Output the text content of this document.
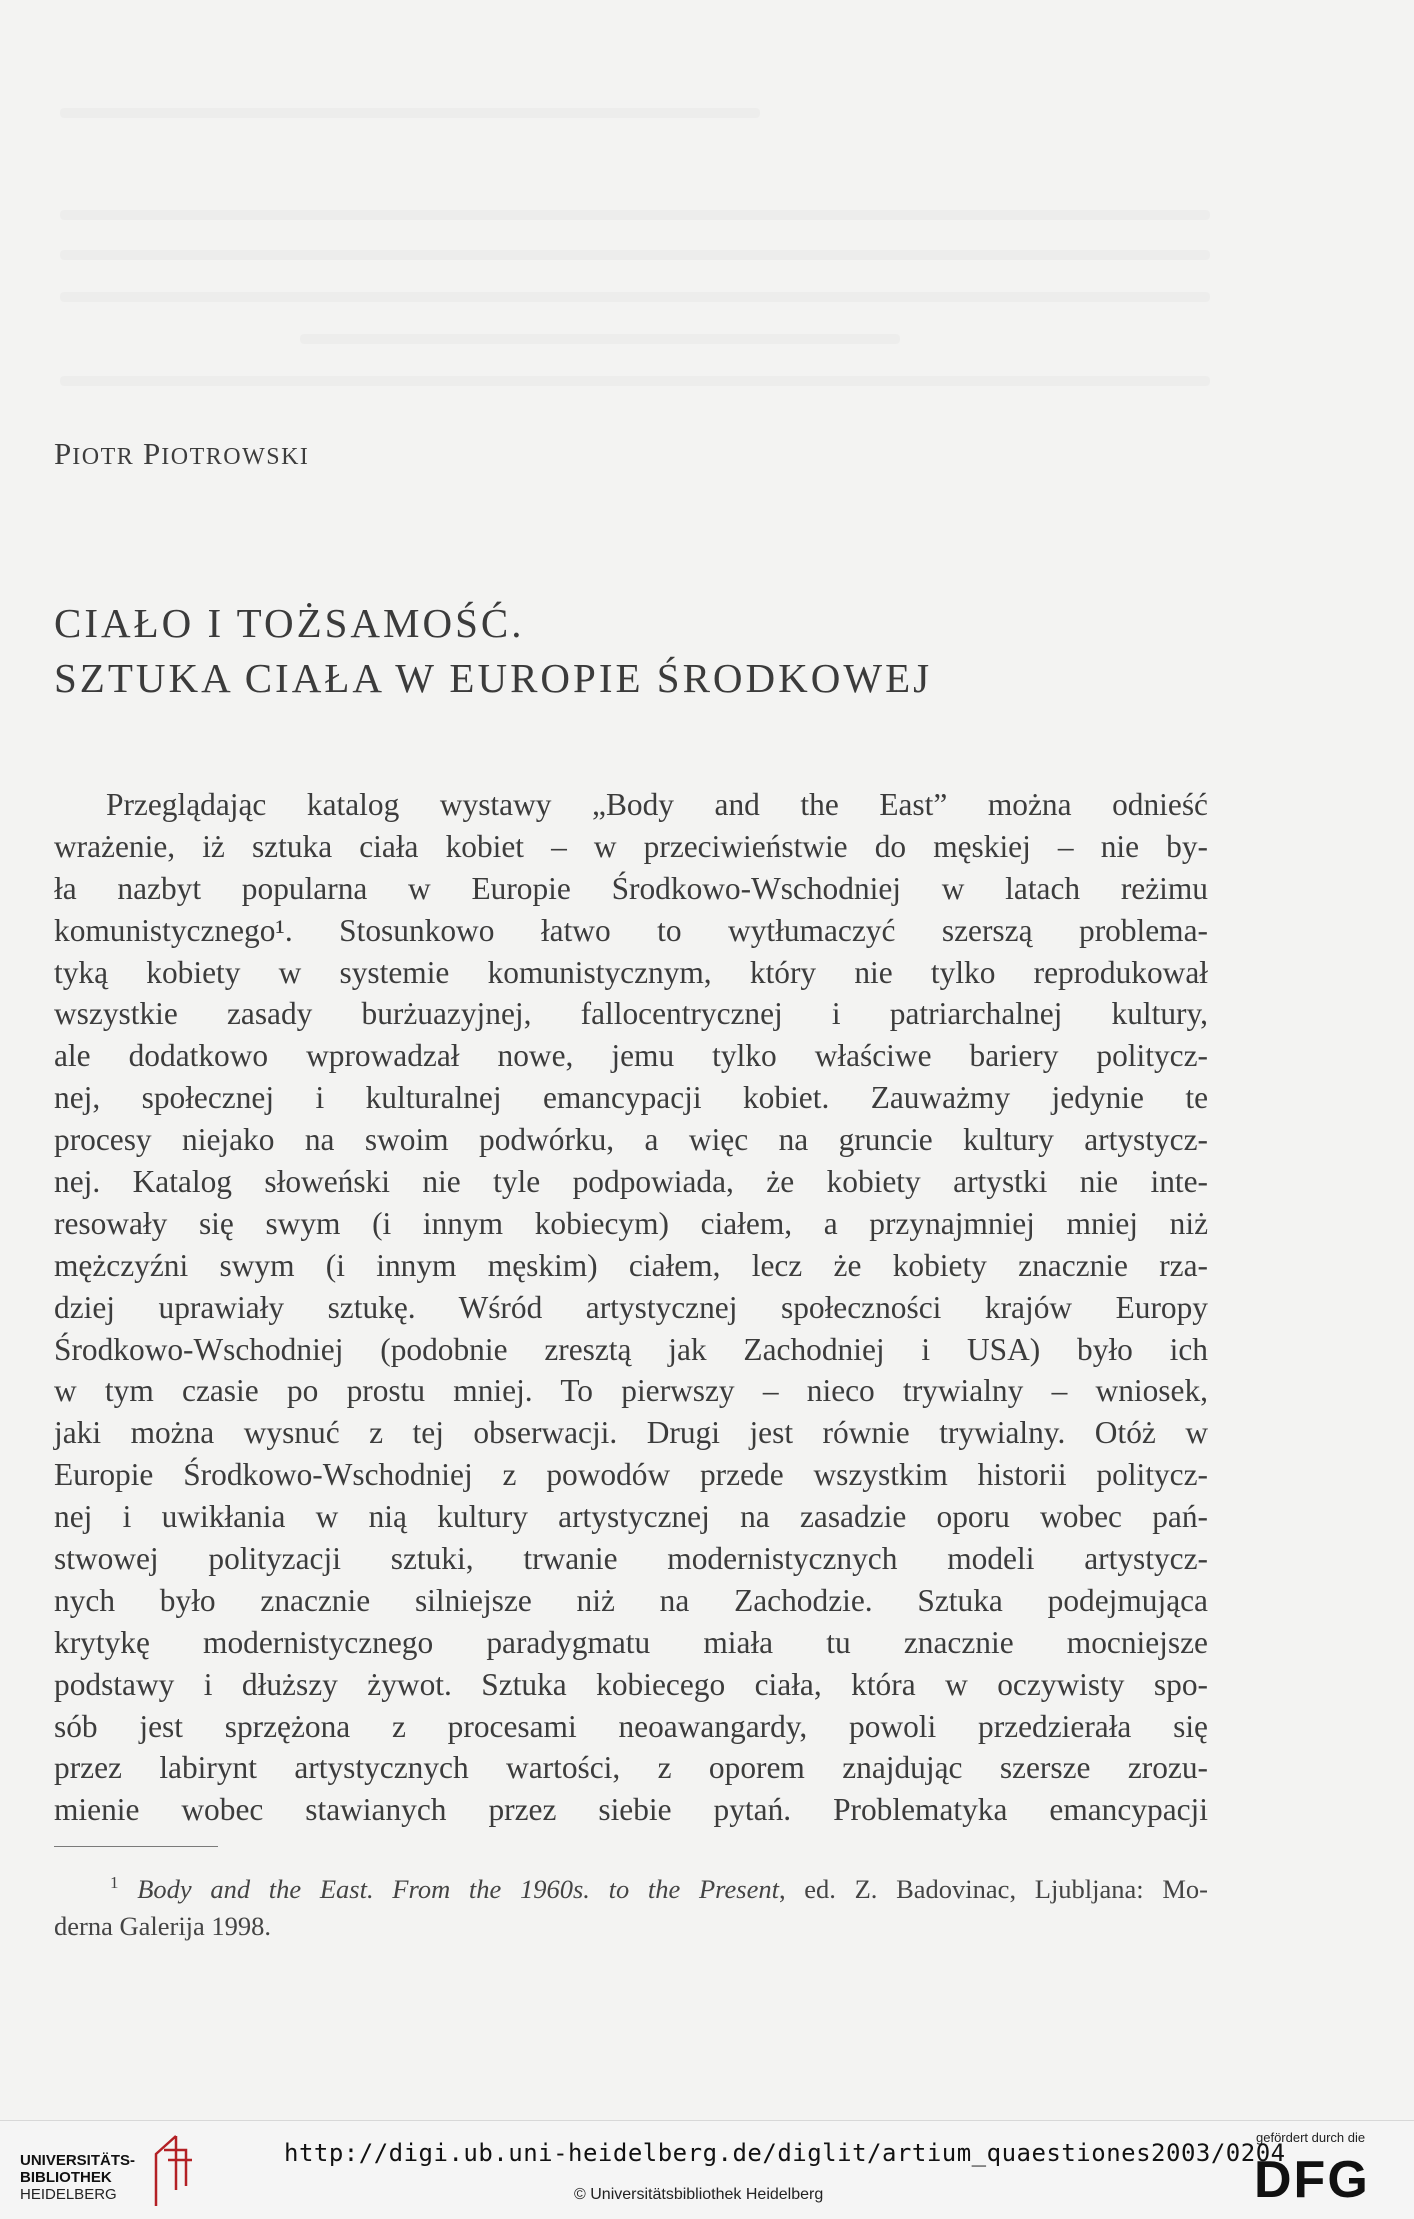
PIOTR PIOTROWSKI
CIAŁO I TOŻSAMOŚĆ.
SZTUKA CIAŁA W EUROPIE ŚRODKOWEJ
Przeglądając katalog wystawy „Body and the East” można odnieść
wrażenie, iż sztuka ciała kobiet – w przeciwieństwie do męskiej – nie by-
ła nazbyt popularna w Europie Środkowo-Wschodniej w latach reżimu
komunistycznego¹. Stosunkowo łatwo to wytłumaczyć szerszą problema-
tyką kobiety w systemie komunistycznym, który nie tylko reprodukował
wszystkie zasady burżuazyjnej, fallocentrycznej i patriarchalnej kultury,
ale dodatkowo wprowadzał nowe, jemu tylko właściwe bariery politycz-
nej, społecznej i kulturalnej emancypacji kobiet. Zauważmy jedynie te
procesy niejako na swoim podwórku, a więc na gruncie kultury artystycz-
nej. Katalog słoweński nie tyle podpowiada, że kobiety artystki nie inte-
resowały się swym (i innym kobiecym) ciałem, a przynajmniej mniej niż
mężczyźni swym (i innym męskim) ciałem, lecz że kobiety znacznie rza-
dziej uprawiały sztukę. Wśród artystycznej społeczności krajów Europy
Środkowo-Wschodniej (podobnie zresztą jak Zachodniej i USA) było ich
w tym czasie po prostu mniej. To pierwszy – nieco trywialny – wniosek,
jaki można wysnuć z tej obserwacji. Drugi jest równie trywialny. Otóż w
Europie Środkowo-Wschodniej z powodów przede wszystkim historii politycz-
nej i uwikłania w nią kultury artystycznej na zasadzie oporu wobec pań-
stwowej polityzacji sztuki, trwanie modernistycznych modeli artystycz-
nych było znacznie silniejsze niż na Zachodzie. Sztuka podejmująca
krytykę modernistycznego paradygmatu miała tu znacznie mocniejsze
podstawy i dłuższy żywot. Sztuka kobiecego ciała, która w oczywisty spo-
sób jest sprzężona z procesami neoawangardy, powoli przedzierała się
przez labirynt artystycznych wartości, z oporem znajdując szersze zrozu-
mienie wobec stawianych przez siebie pytań. Problematyka emancypacji
$^1$ Body and the East. From the 1960s. to the Present, ed. Z. Badovinac, Ljubljana: Mo-
derna Galerija 1998.
UNIVERSITÄTS-
BIBLIOTHEK
HEIDELBERG
http://digi.ub.uni-heidelberg.de/diglit/artium_quaestiones2003/0204
© Universitätsbibliothek Heidelberg
gefördert durch die
DFG
